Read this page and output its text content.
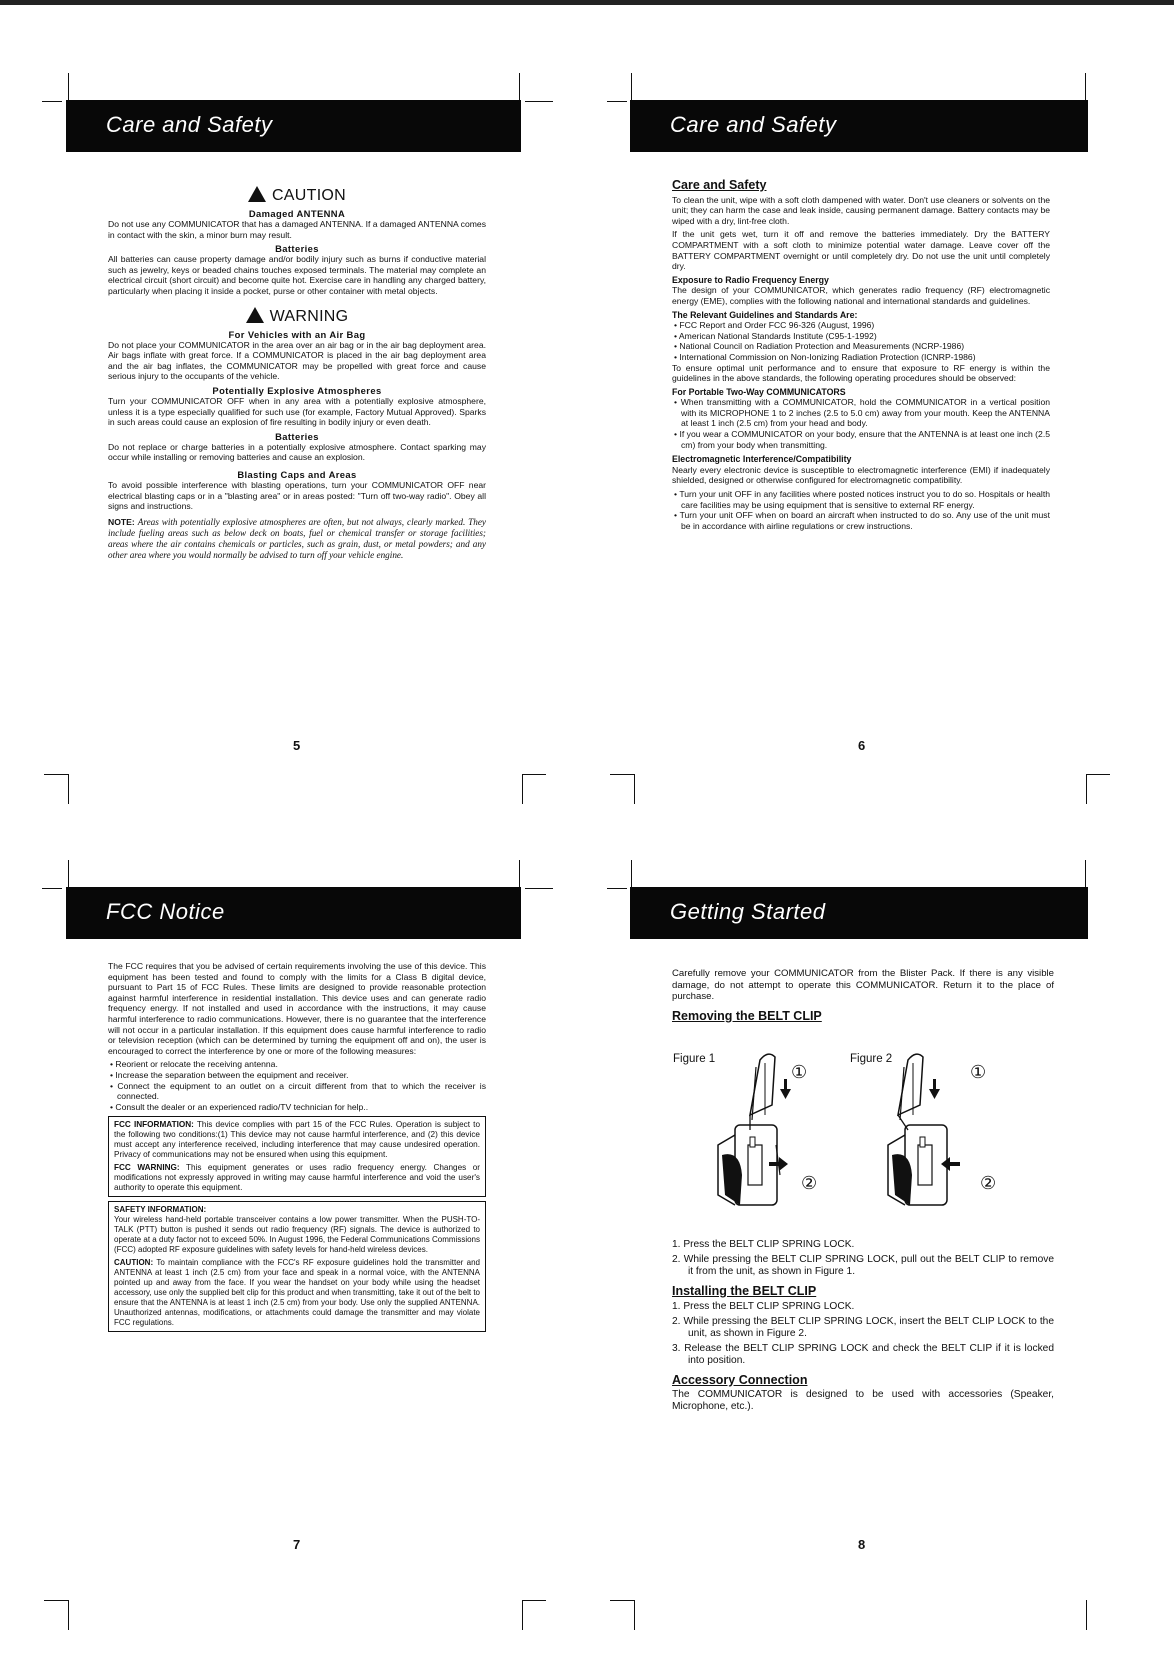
Care and Safety
CAUTION
Damaged ANTENNA

Do not use any COMMUNICATOR that has a damaged ANTENNA. If a damaged ANTENNA comes in contact with the skin, a minor burn may result.

Batteries

All batteries can cause property damage and/or bodily injury such as burns if conductive material such as jewelry, keys or beaded chains touches exposed terminals. The material may complete an electrical circuit (short circuit) and become quite hot. Exercise care in handling any charged battery, particularly when placing it inside a pocket, purse or other container with metal objects.

WARNING
For Vehicles with an Air Bag

Do not place your COMMUNICATOR in the area over an air bag or in the air bag deployment area. Air bags inflate with great force. If a COMMUNICATOR is placed in the air bag deployment area and the air bag inflates, the COMMUNICATOR may be propelled with great force and cause serious injury to the occupants of the vehicle.

Potentially Explosive Atmospheres

Turn your COMMUNICATOR OFF when in any area with a potentially explosive atmosphere, unless it is a type especially qualified for such use (for example, Factory Mutual Approved). Sparks in such areas could cause an explosion of fire resulting in bodily injury or even death.

Batteries

Do not replace or charge batteries in a potentially explosive atmosphere. Contact sparking may occur while installing or removing batteries and cause an explosion.

Blasting Caps and Areas

To avoid possible interference with blasting operations, turn your COMMUNICATOR OFF near electrical blasting caps or in a "blasting area" or in areas posted: "Turn off two-way radio". Obey all signs and instructions.

NOTE: Areas with potentially explosive atmospheres are often, but not always, clearly marked. They include fueling areas such as below deck on boats, fuel or chemical transfer or storage facilities; areas where the air contains chemicals or particles, such as grain, dust, or metal powders; and any other area where you would normally be advised to turn off your vehicle engine.

5
Care and Safety
Care and Safety

To clean the unit, wipe with a soft cloth dampened with water. Don't use cleaners or solvents on the unit; they can harm the case and leak inside, causing permanent damage. Battery contacts may be wiped with a dry, lint-free cloth.

If the unit gets wet, turn it off and remove the batteries immediately. Dry the BATTERY COMPARTMENT with a soft cloth to minimize potential water damage. Leave cover off the BATTERY COMPARTMENT overnight or until completely dry. Do not use the unit until completely dry.

Exposure to Radio Frequency Energy

The design of your COMMUNICATOR, which generates radio frequency (RF) electromagnetic energy (EME), complies with the following national and international standards and guidelines.

The Relevant Guidelines and Standards Are:
• FCC Report and Order FCC 96-326 (August, 1996)
• American National Standards Institute (C95-1-1992)
• National Council on Radiation Protection and Measurements (NCRP-1986)
• International Commission on Non-Ionizing Radiation Protection (ICNRP-1986)

To ensure optimal unit performance and to ensure that exposure to RF energy is within the guidelines in the above standards, the following operating procedures should be observed:

For Portable Two-Way COMMUNICATORS
• When transmitting with a COMMUNICATOR, hold the COMMUNICATOR in a vertical position with its MICROPHONE 1 to 2 inches (2.5 to 5.0 cm) away from your mouth. Keep the ANTENNA at least 1 inch (2.5 cm) from your head and body.
• If you wear a COMMUNICATOR on your body, ensure that the ANTENNA is at least one inch (2.5 cm) from your body when transmitting.
Electromagnetic Interference/Compatibility

Nearly every electronic device is susceptible to electromagnetic interference (EMI) if inadequately shielded, designed or otherwise configured for electromagnetic compatibility.

• Turn your unit OFF in any facilities where posted notices instruct you to do so. Hospitals or health care facilities may be using equipment that is sensitive to external RF energy.
• Turn your unit OFF when on board an aircraft when instructed to do so. Any use of the unit must be in accordance with airline regulations or crew instructions.
6
FCC Notice

The FCC requires that you be advised of certain requirements involving the use of this device. This equipment has been tested and found to comply with the limits for a Class B digital device, pursuant to Part 15 of FCC Rules. These limits are designed to provide reasonable protection against harmful interference in residential installation. This device uses and can generate radio frequency energy. If not installed and used in accordance with the instructions, it may cause harmful interference to radio communications. However, there is no guarantee that the interference will not occur in a particular installation. If this equipment does cause harmful interference to radio or television reception (which can be determined by turning the equipment off and on), the user is encouraged to correct the interference by one or more of the following measures:

• Reorient or relocate the receiving antenna.
• Increase the separation between the equipment and receiver.
• Connect the equipment to an outlet on a circuit different from that to which the receiver is connected.
• Consult the dealer or an experienced radio/TV technician for help..

FCC INFORMATION: This device complies with part 15 of the FCC Rules. Operation is subject to the following two conditions:(1) This device may not cause harmful interference, and (2) this device must accept any interference received, including interference that may cause undesired operation. Privacy of communications may not be ensured when using this equipment.

FCC WARNING: This equipment generates or uses radio frequency energy. Changes or modifications not expressly approved in writing may cause harmful interference and void the user's authority to operate this equipment.

SAFETY INFORMATION:

Your wireless hand-held portable transceiver contains a low power transmitter. When the PUSH-TO-TALK (PTT) button is pushed it sends out radio frequency (RF) signals. The device is authorized to operate at a duty factor not to exceed 50%. In August 1996, the Federal Communications Commissions (FCC) adopted RF exposure guidelines with safety levels for hand-held wireless devices.

CAUTION: To maintain compliance with the FCC's RF exposure guidelines hold the transmitter and ANTENNA at least 1 inch (2.5 cm) from your face and speak in a normal voice, with the ANTENNA pointed up and away from the face. If you wear the handset on your body while using the headset accessory, use only the supplied belt clip for this product and when transmitting, take it out of the belt to ensure that the ANTENNA is at least 1 inch (2.5 cm) from your body. Use only the supplied ANTENNA. Unauthorized antennas, modifications, or attachments could damage the transmitter and may violate FCC regulations.

7
Getting Started

Carefully remove your COMMUNICATOR from the Blister Pack. If there is any visible damage, do not attempt to operate this COMMUNICATOR. Return it to the place of purchase.

Removing the BELT CLIP
Figure 1	Figure 2
①
②
①
②

1. Press the BELT CLIP SPRING LOCK.

2. While pressing the BELT CLIP SPRING LOCK, pull out the BELT CLIP to remove it from the unit, as shown in Figure 1.

Installing the BELT CLIP

1. Press the BELT CLIP SPRING LOCK.

2. While pressing the BELT CLIP SPRING LOCK, insert the BELT CLIP LOCK to the unit, as shown in Figure 2.

3. Release the BELT CLIP SPRING LOCK and check the BELT CLIP if it is locked into position.

Accessory Connection

The COMMUNICATOR is designed to be used with accessories (Speaker, Microphone, etc.).

8
